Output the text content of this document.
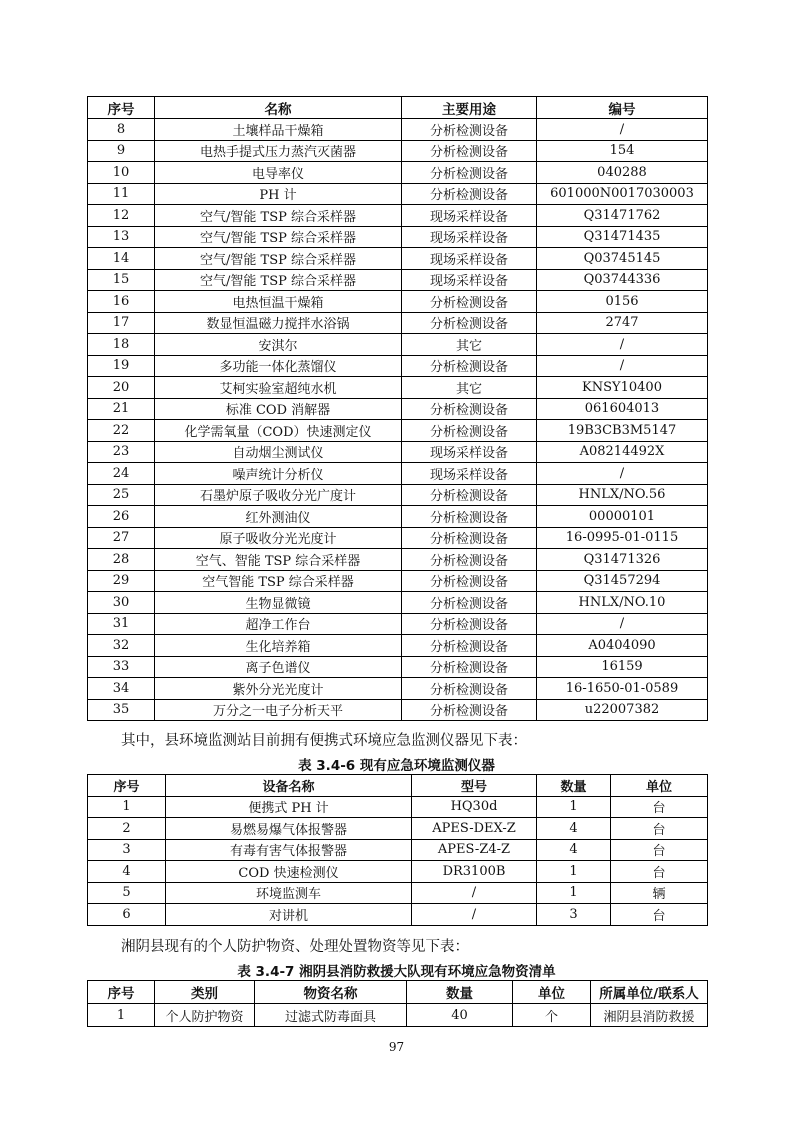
序号	名称	主要用途	编号
8	土壤样品干燥箱	分析检测设备	/
9	电热手提式压力蒸汽灭菌器	分析检测设备	154
10	电导率仪	分析检测设备	040288
11	PH 计	分析检测设备	601000N0017030003
12	空气/智能 TSP 综合采样器	现场采样设备	Q31471762
13	空气/智能 TSP 综合采样器	现场采样设备	Q31471435
14	空气/智能 TSP 综合采样器	现场采样设备	Q03745145
15	空气/智能 TSP 综合采样器	现场采样设备	Q03744336
16	电热恒温干燥箱	分析检测设备	0156
17	数显恒温磁力搅拌水浴锅	分析检测设备	2747
18	安淇尔	其它	/
19	多功能一体化蒸馏仪	分析检测设备	/
20	艾柯实验室超纯水机	其它	KNSY10400
21	标准 COD 消解器	分析检测设备	061604013
22	化学需氧量（COD）快速测定仪	分析检测设备	19B3CB3M5147
23	自动烟尘测试仪	现场采样设备	A08214492X
24	噪声统计分析仪	现场采样设备	/
25	石墨炉原子吸收分光广度计	分析检测设备	HNLX/NO.56
26	红外测油仪	分析检测设备	00000101
27	原子吸收分光光度计	分析检测设备	16-0995-01-0115
28	空气、智能 TSP 综合采样器	分析检测设备	Q31471326
29	空气智能 TSP 综合采样器	分析检测设备	Q31457294
30	生物显微镜	分析检测设备	HNLX/NO.10
31	超净工作台	分析检测设备	/
32	生化培养箱	分析检测设备	A0404090
33	离子色谱仪	分析检测设备	16159
34	紫外分光光度计	分析检测设备	16-1650-01-0589
35	万分之一电子分析天平	分析检测设备	u22007382
其中，县环境监测站目前拥有便携式环境应急监测仪器见下表：
表 3.4-6 现有应急环境监测仪器
序号	设备名称	型号	数量	单位
1	便携式 PH 计	HQ30d	1	台
2	易燃易爆气体报警器	APES-DEX-Z	4	台
3	有毒有害气体报警器	APES-Z4-Z	4	台
4	COD 快速检测仪	DR3100B	1	台
5	环境监测车	/	1	辆
6	对讲机	/	3	台
湘阴县现有的个人防护物资、处理处置物资等见下表：
表 3.4-7 湘阴县消防救援大队现有环境应急物资清单
序号	类别	物资名称	数量	单位	所属单位/联系人
1	个人防护物资	过滤式防毒面具	40	个	湘阴县消防救援
97
